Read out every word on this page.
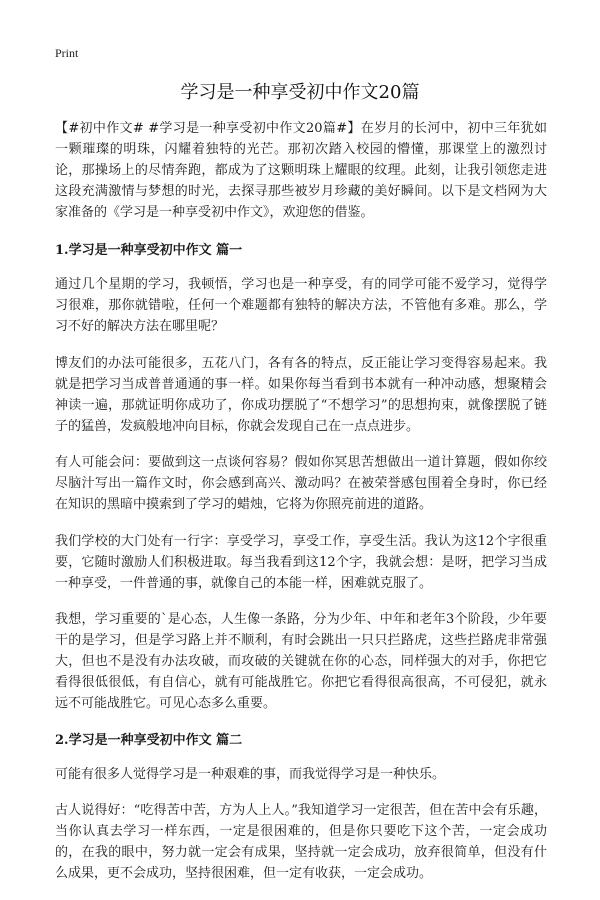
Print
学习是一种享受初中作文20篇

【#初中作文# #学习是一种享受初中作文20篇#】在岁月的长河中，初中三年犹如一颗璀璨的明珠，闪耀着独特的光芒。那初次踏入校园的懵懂，那课堂上的激烈讨论，那操场上的尽情奔跑，都成为了这颗明珠上耀眼的纹理。此刻，让我引领您走进这段充满激情与梦想的时光，去探寻那些被岁月珍藏的美好瞬间。以下是文档网为大家准备的《学习是一种享受初中作文》，欢迎您的借鉴。

1.学习是一种享受初中作文 篇一

通过几个星期的学习，我顿悟，学习也是一种享受，有的同学可能不爱学习，觉得学习很难，那你就错啦，任何一个难题都有独特的解决方法，不管他有多难。那么，学习不好的解决方法在哪里呢？

博友们的办法可能很多，五花八门，各有各的特点，反正能让学习变得容易起来。我就是把学习当成普普通通的事一样。如果你每当看到书本就有一种冲动感，想聚精会神读一遍，那就证明你成功了，你成功摆脱了“不想学习”的思想拘束，就像摆脱了链子的猛兽，发疯般地冲向目标，你就会发现自己在一点点进步。

有人可能会问：要做到这一点谈何容易？假如你冥思苦想做出一道计算题，假如你绞尽脑汁写出一篇作文时，你会感到高兴、激动吗？在被荣誉感包围着全身时，你已经在知识的黑暗中摸索到了学习的蜡烛，它将为你照亮前进的道路。

我们学校的大门处有一行字：享受学习，享受工作，享受生活。我认为这12个字很重要，它随时激励人们积极进取。每当我看到这12个字，我就会想：是呀，把学习当成一种享受，一件普通的事，就像自己的本能一样，困难就克服了。

我想，学习重要的`是心态，人生像一条路，分为少年、中年和老年3个阶段，少年要干的是学习，但是学习路上并不顺利，有时会跳出一只只拦路虎，这些拦路虎非常强大，但也不是没有办法攻破，而攻破的关键就在你的心态，同样强大的对手，你把它看得很低很低，有自信心，就有可能战胜它。你把它看得很高很高，不可侵犯，就永远不可能战胜它。可见心态多么重要。

2.学习是一种享受初中作文 篇二

可能有很多人觉得学习是一种艰难的事，而我觉得学习是一种快乐。

古人说得好：“吃得苦中苦，方为人上人。”我知道学习一定很苦，但在苦中会有乐趣，当你认真去学习一样东西，一定是很困难的，但是你只要吃下这个苦，一定会成功的，在我的眼中，努力就一定会有成果，坚持就一定会成功，放弃很简单，但没有什么成果，更不会成功，坚持很困难，但一定有收获，一定会成功。
